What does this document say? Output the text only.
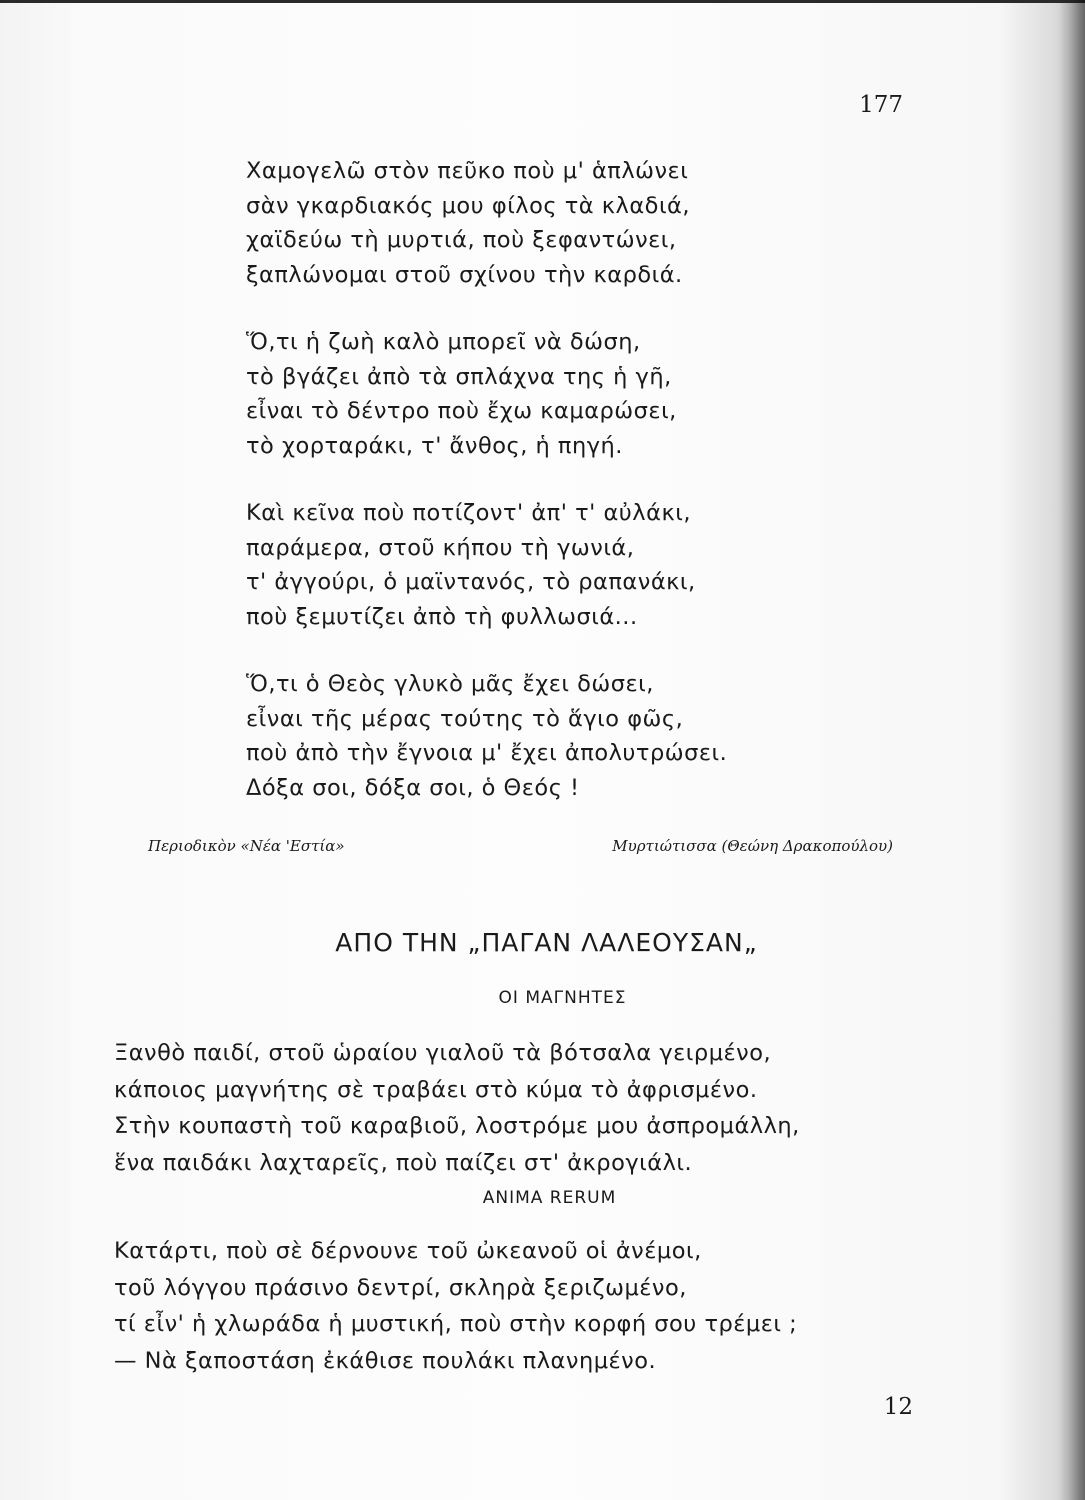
177
Χαμογελῶ στὸν πεῦκο ποὺ μ' ἁπλώνει
σὰν γκαρδιακός μου φίλος τὰ κλαδιά,
χαϊδεύω τὴ μυρτιά, ποὺ ξεφαντώνει,
ξαπλώνομαι στοῦ σχίνου τὴν καρδιά.
Ὅ,τι ἡ ζωὴ καλὸ μπορεῖ νὰ δώση,
τὸ βγάζει ἀπὸ τὰ σπλάχνα της ἡ γῆ,
εἶναι τὸ δέντρο ποὺ ἔχω καμαρώσει,
τὸ χορταράκι, τ' ἄνθος, ἡ πηγή.
Καὶ κεῖνα ποὺ ποτίζοντ' ἀπ' τ' αὐλάκι,
παράμερα, στοῦ κήπου τὴ γωνιά,
τ' ἀγγούρι, ὁ μαϊντανός, τὸ ραπανάκι,
ποὺ ξεμυτίζει ἀπὸ τὴ φυλλωσιά...
Ὅ,τι ὁ Θεὸς γλυκὸ μᾶς ἔχει δώσει,
εἶναι τῆς μέρας τούτης τὸ ἅγιο φῶς,
ποὺ ἀπὸ τὴν ἔγνοια μ' ἔχει ἀπολυτρώσει.
Δόξα σοι, δόξα σοι, ὁ Θεός !
Περιοδικὸν «Νέα 'Εστία»	Μυρτιώτισσα (Θεώνη Δρακοπούλου)
ΑΠΟ ΤΗΝ „ΠΑΓΑΝ ΛΑΛΕΟΥΣΑΝ„
ΟΙ ΜΑΓΝΗΤΕΣ
Ξανθὸ παιδί, στοῦ ὡραίου γιαλοῦ τὰ βότσαλα γειρμένο,
κάποιος μαγνήτης σὲ τραβάει στὸ κύμα τὸ ἀφρισμένο.
Στὴν κουπαστὴ τοῦ καραβιοῦ, λοστρόμε μου ἀσπρομάλλη,
ἕνα παιδάκι λαχταρεῖς, ποὺ παίζει στ' ἀκρογιάλι.
ANIMA RERUM
Κατάρτι, ποὺ σὲ δέρνουνε τοῦ ὠκεανοῦ οἱ ἀνέμοι,
τοῦ λόγγου πράσινο δεντρί, σκληρὰ ξεριζωμένο,
τί εἶν' ἡ χλωράδα ἡ μυστική, ποὺ στὴν κορφή σου τρέμει ;
— Νὰ ξαποστάση ἐκάθισε πουλάκι πλανημένο.
12
